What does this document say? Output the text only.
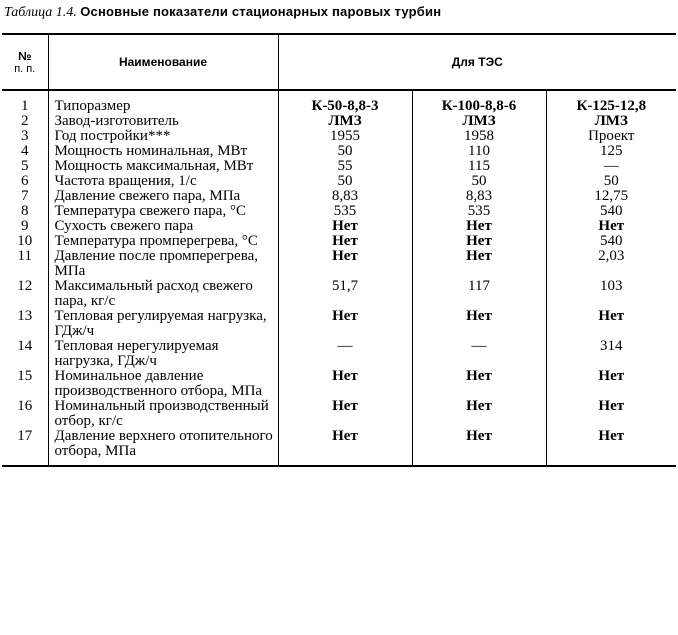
Таблица 1.4. Основные показатели стационарных паровых турбин
№
п. п.	Наименование	Для ТЭС		
1	Типоразмер	К-50-8,8-3	К-100-8,8-6	К-125-12,8
2	Завод-изготовитель	ЛМЗ	ЛМЗ	ЛМЗ
3	Год постройки***	1955	1958	Проект
4	Мощность номинальная, МВт	50	110	125
5	Мощность максимальная, МВт	55	115	—
6	Частота вращения, 1/с	50	50	50
7	Давление свежего пара, МПа	8,83	8,83	12,75
8	Температура свежего пара, °С	535	535	540
9	Сухость свежего пара	Нет	Нет	Нет
10	Температура промперегрева, °С	Нет	Нет	540
11	Давление после промперегрева, МПа	Нет	Нет	2,03
12	Максимальный расход свежего пара, кг/с	51,7	117	103
13	Тепловая регулируемая нагрузка, ГДж/ч	Нет	Нет	Нет
14	Тепловая нерегулируемая нагрузка, ГДж/ч	—	—	314
15	Номинальное давление производственного отбора, МПа	Нет	Нет	Нет
16	Номинальный производственный отбор, кг/с	Нет	Нет	Нет
17	Давление верхнего отопительного отбора, МПа	Нет	Нет	Нет
